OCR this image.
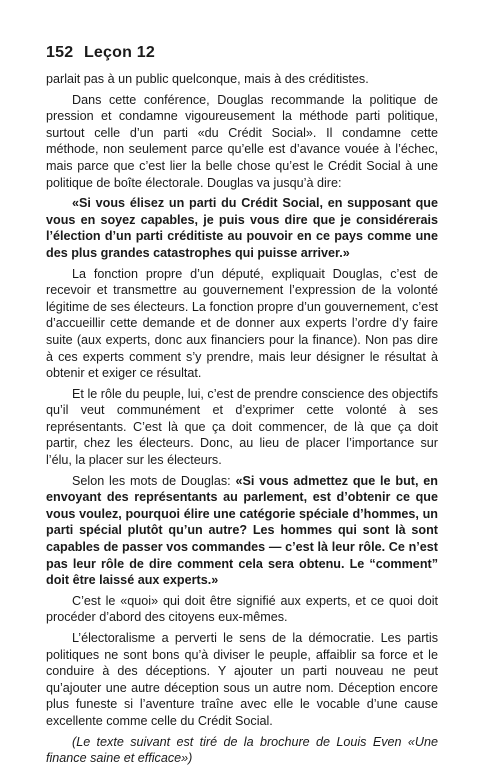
152 Leçon 12

parlait pas à un public quelconque, mais à des créditistes.

Dans cette conférence, Douglas recommande la politique de pression et condamne vigoureusement la méthode parti politique, surtout celle d’un parti «du Crédit Social». Il condamne cette méthode, non seulement parce qu’elle est d’avance vouée à l’échec, mais parce que c’est lier la belle chose qu’est le Crédit Social à une politique de boîte électorale. Douglas va jusqu’à dire:

«Si vous élisez un parti du Crédit Social, en supposant que vous en soyez capables, je puis vous dire que je considérerais l’élection d’un parti créditiste au pouvoir en ce pays comme une des plus grandes catastrophes qui puisse arriver.»

La fonction propre d’un député, expliquait Douglas, c’est de recevoir et transmettre au gouvernement l’expression de la volonté légitime de ses électeurs. La fonction propre d’un gouvernement, c’est d’accueillir cette demande et de donner aux experts l’ordre d’y faire suite (aux experts, donc aux financiers pour la finance). Non pas dire à ces experts comment s’y prendre, mais leur désigner le résultat à obtenir et exiger ce résultat.

Et le rôle du peuple, lui, c’est de prendre conscience des objectifs qu’il veut communément et d’exprimer cette volonté à ses représentants. C’est là que ça doit commencer, de là que ça doit partir, chez les électeurs. Donc, au lieu de placer l’importance sur l’élu, la placer sur les électeurs.

Selon les mots de Douglas: «Si vous admettez que le but, en envoyant des représentants au parlement, est d’obtenir ce que vous voulez, pourquoi élire une catégorie spéciale d’hommes, un parti spécial plutôt qu’un autre? Les hommes qui sont là sont capables de passer vos commandes — c’est là leur rôle. Ce n’est pas leur rôle de dire comment cela sera obtenu. Le “comment” doit être laissé aux experts.»

C’est le «quoi» qui doit être signifié aux experts, et ce quoi doit procéder d’abord des citoyens eux-mêmes.

L’électoralisme a perverti le sens de la démocratie. Les partis politiques ne sont bons qu’à diviser le peuple, affaiblir sa force et le conduire à des déceptions. Y ajouter un parti nouveau ne peut qu’ajouter une autre déception sous un autre nom. Déception encore plus funeste si l’aventure traîne avec elle le vocable d’une cause excellente comme celle du Crédit Social.

(Le texte suivant est tiré de la brochure de Louis Even «Une finance saine et efficace»)
